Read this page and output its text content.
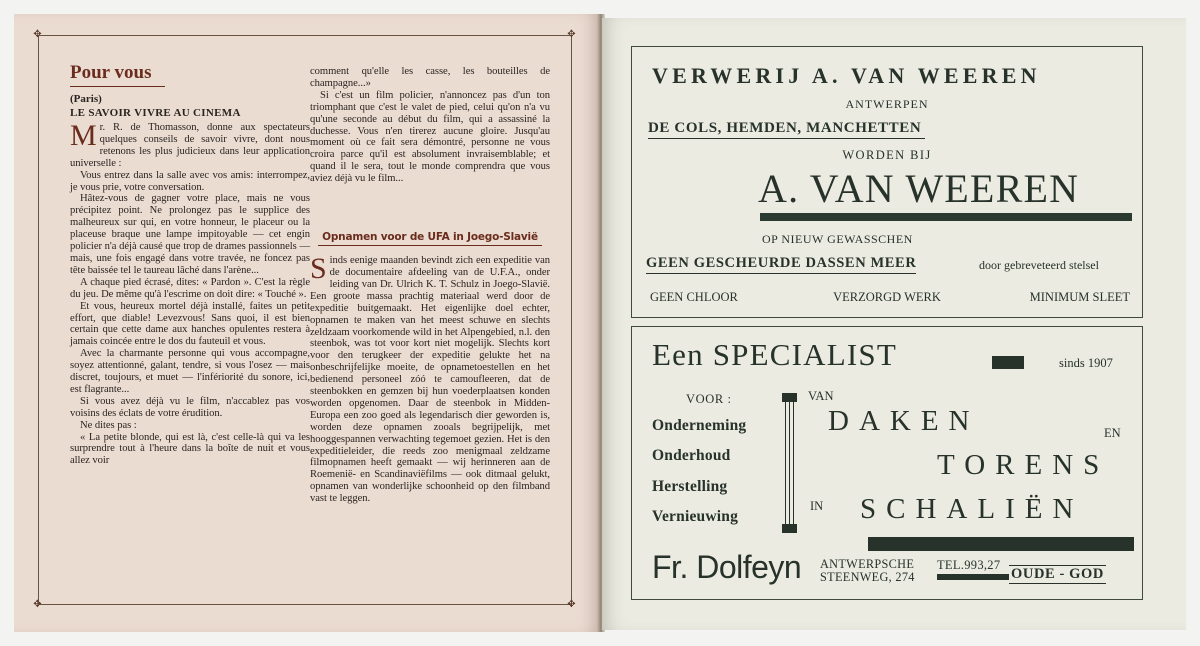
✥	✥
✥	✥
Pour vous
(Paris)
LE SAVOIR VIVRE AU CINEMA
M r. R. de Thomasson, donne aux spectateurs quelques conseils de savoir vivre, dont nous retenons les plus judicieux dans leur application universelle :

Vous entrez dans la salle avec vos amis: interrompez, je vous prie, votre conversation.

Hâtez-vous de gagner votre place, mais ne vous précipitez point. Ne prolongez pas le supplice des malheureux sur qui, en votre honneur, le placeur ou la placeuse braque une lampe impitoyable — cet engin policier n'a déjà causé que trop de drames passionnels — mais, une fois engagé dans votre travée, ne foncez pas tête baissée tel le taureau lâché dans l'arène...

A chaque pied écrasé, dites: « Pardon ». C'est la règle du jeu. De même qu'à l'escrime on doit dire: « Touché ».

Et vous, heureux mortel déjà installé, faites un petit effort, que diable! Levezvous! Sans quoi, il est bien certain que cette dame aux hanches opulentes restera à jamais coincée entre le dos du fauteuil et vous.

Avec la charmante personne qui vous accompagne, soyez attentionné, galant, tendre, si vous l'osez — mais discret, toujours, et muet — l'infériorité du sonore, ici, est flagrante...

Si vous avez déjà vu le film, n'accablez pas vos voisins des éclats de votre érudition.

Ne dites pas :

« La petite blonde, qui est là, c'est celle-là qui va les surprendre tout à l'heure dans la boîte de nuit et vous allez voir

comment qu'elle les casse, les bouteilles de champagne...»

Si c'est un film policier, n'annoncez pas d'un ton triomphant que c'est le valet de pied, celui qu'on n'a vu qu'une seconde au début du film, qui a assassiné la duchesse. Vous n'en tirerez aucune gloire. Jusqu'au moment où ce fait sera démontré, personne ne vous croira parce qu'il est absolument invraisemblable; et quand il le sera, tout le monde comprendra que vous aviez déjà vu le film...

Opnamen voor de UFA in Joego-Slavië
S inds eenige maanden bevindt zich een expeditie van de documentaire afdeeling van de U.F.A., onder leiding van Dr. Ulrich K. T. Schulz in Joego-Slavië. Een groote massa prachtig materiaal werd door de expeditie buitgemaakt. Het eigenlijke doel echter, opnamen te maken van het meest schuwe en slechts zeldzaam voorkomende wild in het Alpengebied, n.l. den steenbok, was tot voor kort niet mogelijk. Slechts kort voor den terugkeer der expeditie gelukte het na onbeschrijfelijke moeite, de opnametoestellen en het bedienend personeel zóó te camoufleeren, dat de steenbokken en gemzen bij hun voederplaatsen konden worden opgenomen. Daar de steenbok in Midden-Europa een zoo goed als legendarisch dier geworden is, worden deze opnamen zooals begrijpelijk, met hooggespannen verwachting tegemoet gezien. Het is den expeditieleider, die reeds zoo menigmaal zeldzame filmopnamen heeft gemaakt — wij herinneren aan de Roemenië- en Scandinaviëfilms — ook ditmaal gelukt, opnamen van wonderlijke schoonheid op den filmband vast te leggen.
VERWERIJ A. VAN WEEREN
ANTWERPEN
DE COLS, HEMDEN, MANCHETTEN
WORDEN BIJ
A. VAN WEEREN
OP NIEUW GEWASSCHEN
GEEN GESCHEURDE DASSEN MEER	door gebreveteerd stelsel
GEEN CHLOOR	VERZORGD WERK	MINIMUM SLEET
Een SPECIALIST	sinds 1907
VOOR :	VAN
Onderneming
Onderhoud
Herstelling
Vernieuwing
DAKEN	EN
TORENS
IN SCHALIËN
Fr. Dolfeyn ANTWERPSCHE
STEENWEG, 274
TEL.993,27
OUDE - GOD
